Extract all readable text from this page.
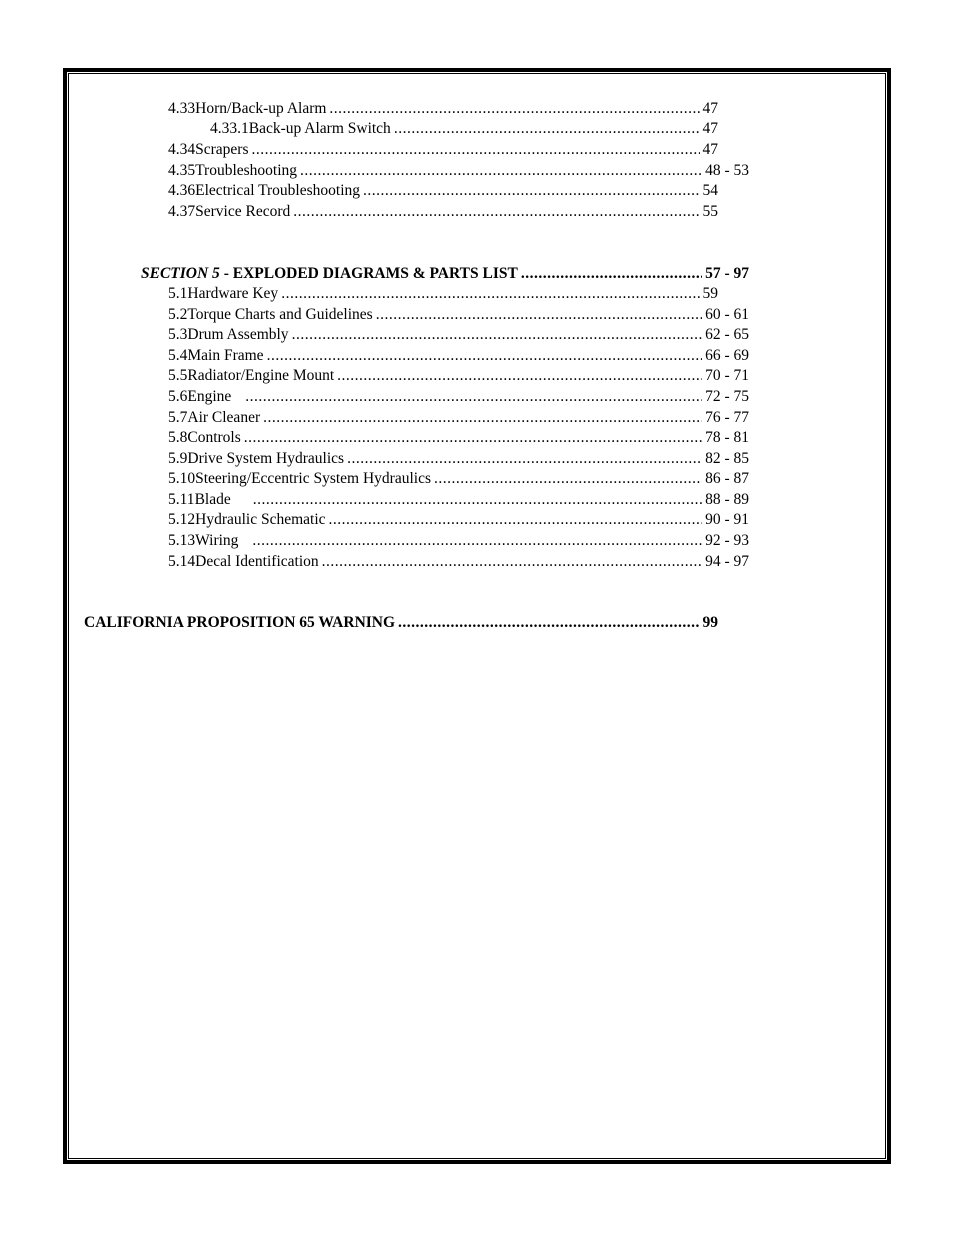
4.33 Horn/Back-up Alarm .....	47
4.33.1 Back-up Alarm Switch .....	47
4.34 Scrapers .....	47
4.35 Troubleshooting .....	48 - 53
4.36 Electrical Troubleshooting .....	54
4.37 Service Record .....	55
SECTION 5 - EXPLODED DIAGRAMS & PARTS LIST .....	57 - 97
5.1 Hardware Key .....	59
5.2 Torque Charts and Guidelines .....	60 - 61
5.3 Drum Assembly .....	62 - 65
5.4 Main Frame .....	66 - 69
5.5 Radiator/Engine Mount .....	70 - 71
5.6 Engine .....	72 - 75
5.7 Air Cleaner .....	76 - 77
5.8 Controls .....	78 - 81
5.9 Drive System Hydraulics .....	82 - 85
5.10 Steering/Eccentric System Hydraulics .....	86 - 87
5.11 Blade .....	88 - 89
5.12 Hydraulic Schematic .....	90 - 91
5.13 Wiring .....	92 - 93
5.14 Decal Identification .....	94 - 97
CALIFORNIA PROPOSITION 65 WARNING .....	99
